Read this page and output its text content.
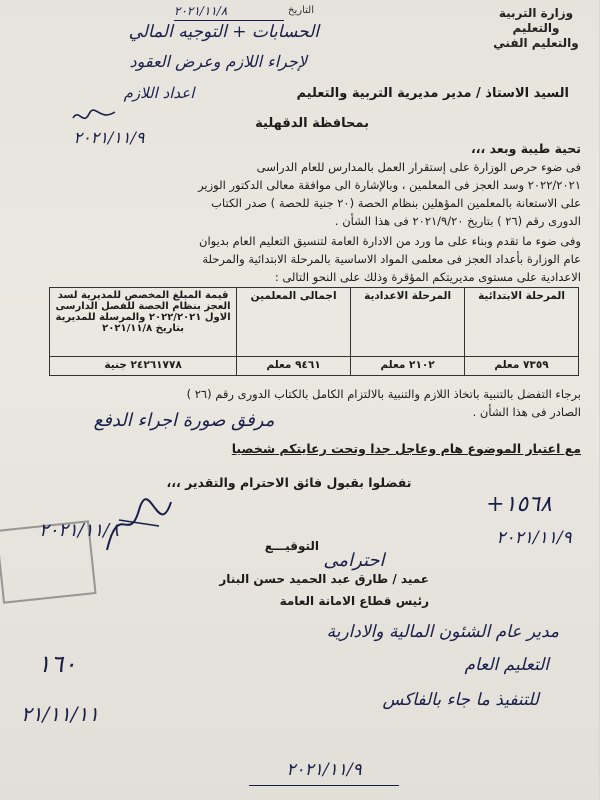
وزارة التربية والتعليم
والتعليم الفني
التاريخ
٢٠٢١/١١/٨
الحسابات + التوجيه المالي
لإجراء اللازم وعرض العقود
اعداد اللازم
٢٠٢١/١١/٩
السيد الاستاذ / مدير مديرية التربية والتعليم
بمحافظة الدقهلية
تحية طيبة وبعد ،،،
فى ضوء حرص الوزارة على إستقرار العمل بالمدارس للعام الدراسى
٢٠٢٢/٢٠٢١ وسد العجز فى المعلمين ، وبالإشارة الى موافقة معالى الدكتور الوزير
على الاستعانة بالمعلمين المؤهلين بنظام الحصة (٢٠ جنية للحصة ) صدر الكتاب
الدورى رقم (٢٦ ) بتاريخ ٢٠٢١/٩/٢٠ فى هذا الشأن .
وفى ضوء ما تقدم وبناء على ما ورد من الادارة العامة لتنسيق التعليم العام بديوان
عام الوزارة بأعداد العجز فى معلمى المواد الاساسية بالمرحلة الابتدائية والمرحلة
الاعدادية على مستوى مديريتكم المؤقرة وذلك على النحو التالى :
المرحلة الابتدائية	المرحلة الاعدادية	اجمالى المعلمين	قيمة المبلغ المخصص للمديرية لسد العجز بنظام الحصة للفصل الدارسى الاول ٢٠٢٢/٢٠٢١ والمرسلة للمديرية بتاريخ ٢٠٢١/١١/٨
٧٣٥٩ معلم	٢١٠٢ معلم	٩٤٦١ معلم	٢٤٢٦١٧٧٨ جنية
برجاء التفضل بالتنبية باتخاذ اللازم والتنبية بالالتزام الكامل بالكتاب الدورى رقم (٢٦ )
الصادر فى هذا الشأن .
مرفق صورة اجراء الدفع
مع اعتبار الموضوع هام وعاجل جدا وتحت رعايتكم شخصيا
تفضلوا بقبول فائق الاحترام والتقدير ،،،
١٥٦٨+
٢٠٢١/١١/٩
٢٠٢١/١١/٨
التوقيـــع
احترامى
عميد / طارق عبد الحميد حسن البنار
رئيس قطاع الامانة العامة
مدير عام الشئون المالية والادارية
التعليم العام
للتنفيذ ما جاء بالفاكس
١٦٠
٢١/١١/١١
٢٠٢١/١١/٩
